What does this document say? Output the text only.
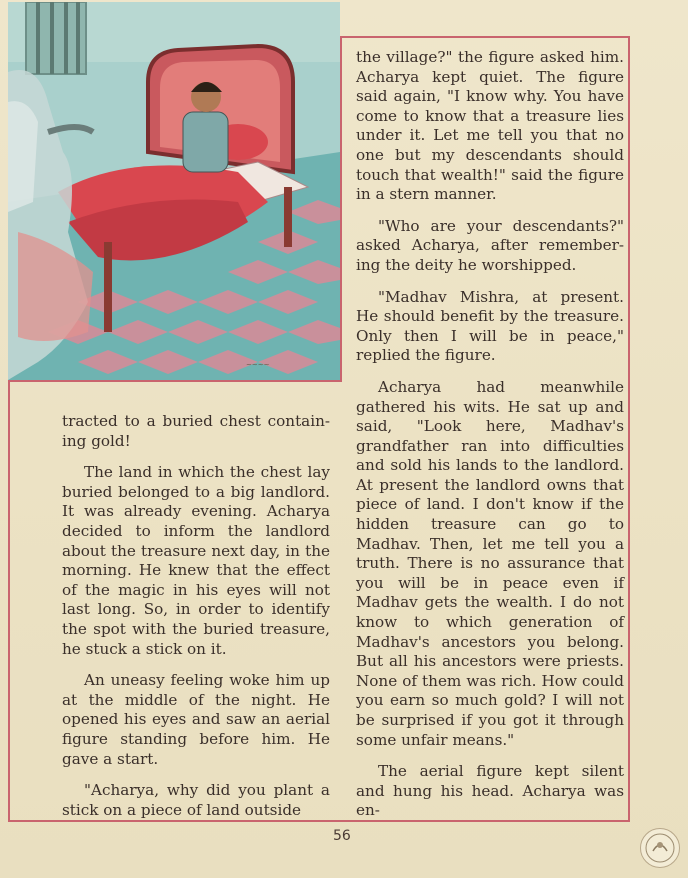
~~~~

tracted to a buried chest contain-ing gold!

The land in which the chest lay buried belonged to a big landlord. It was already evening. Acharya decided to inform the landlord about the treasure next day, in the morning. He knew that the effect of the magic in his eyes will not last long. So, in order to identify the spot with the buried treasure, he stuck a stick on it.

An uneasy feeling woke him up at the middle of the night. He opened his eyes and saw an aerial figure standing before him. He gave a start.

"Acharya, why did you plant a stick on a piece of land outside

the village?" the figure asked him. Acharya kept quiet. The figure said again, "I know why. You have come to know that a treasure lies under it. Let me tell you that no one but my descendants should touch that wealth!" said the figure in a stern manner.

"Who are your descendants?" asked Acharya, after remember-ing the deity he worshipped.

"Madhav Mishra, at present. He should benefit by the treasure. Only then I will be in peace," replied the figure.

Acharya had meanwhile gathered his wits. He sat up and said, "Look here, Madhav's grandfather ran into difficulties and sold his lands to the landlord. At present the landlord owns that piece of land. I don't know if the hidden treasure can go to Madhav. Then, let me tell you a truth. There is no assurance that you will be in peace even if Madhav gets the wealth. I do not know to which generation of Madhav's ancestors you belong. But all his ancestors were priests. None of them was rich. How could you earn so much gold? I will not be surprised if you got it through some unfair means."

The aerial figure kept silent and hung his head. Acharya was en-

56
